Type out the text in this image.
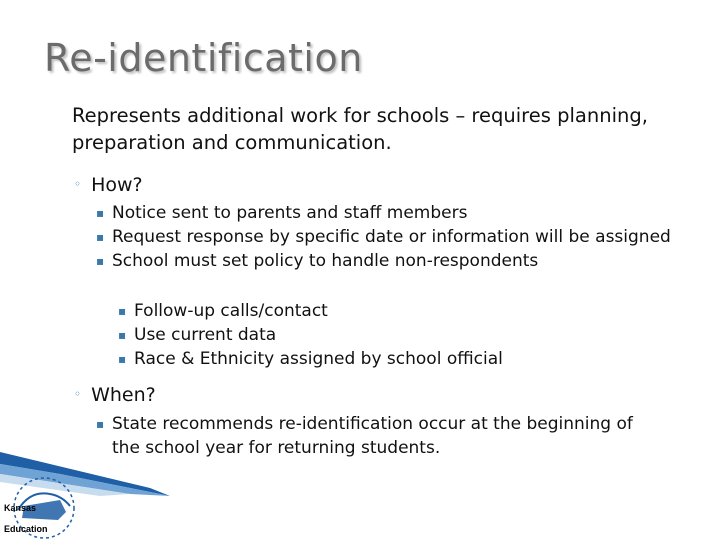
Re-identification

Represents additional work for schools – requires planning, preparation and communication.

◦ How?
▪ Notice sent to parents and staff members
▪ Request response by specific date or information will be assigned
▪ School must set policy to handle non-respondents
▪ Follow-up calls/contact
▪ Use current data
▪ Race & Ethnicity assigned by school official
◦ When?
▪ State recommends re-identification occur at the beginning of the school year for returning students.
Kansas
Education
